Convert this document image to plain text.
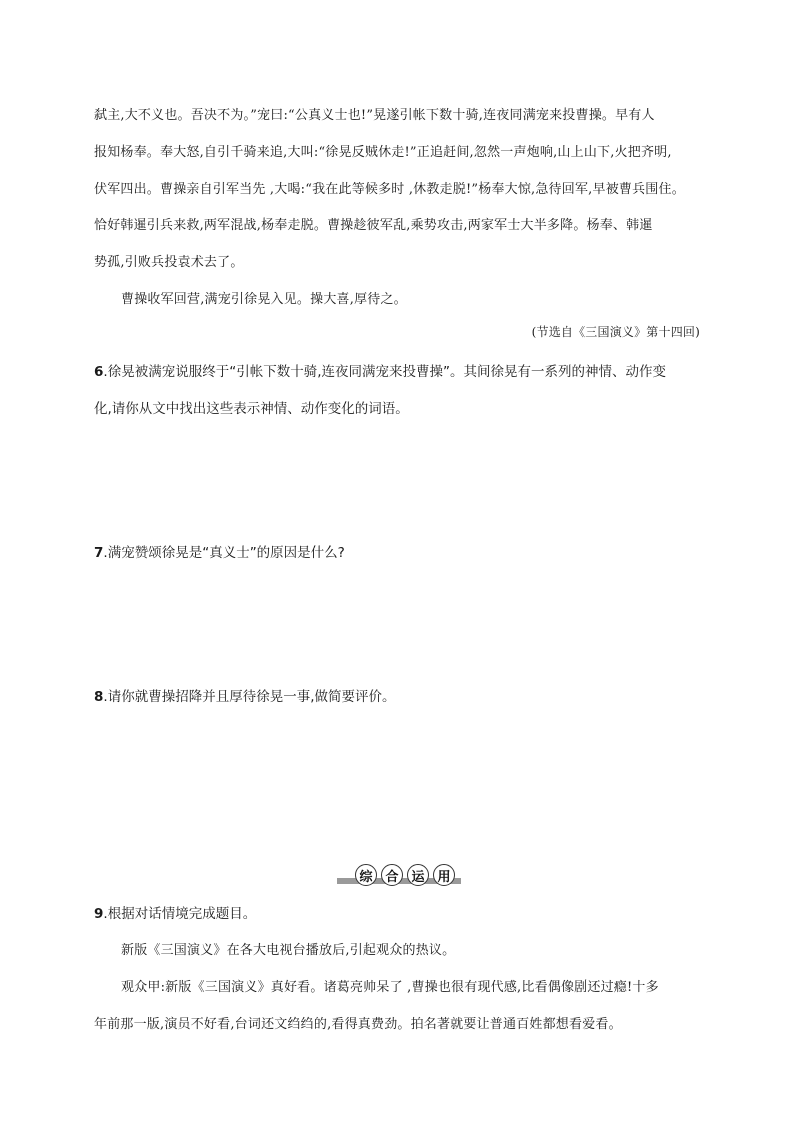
弑主,大不义也。吾决不为。”宠曰:“公真义士也!”晃遂引帐下数十骑,连夜同满宠来投曹操。早有人
报知杨奉。奉大怒,自引千骑来追,大叫:“徐晃反贼休走!”正追赶间,忽然一声炮响,山上山下,火把齐明,
伏军四出。曹操亲自引军当先 ,大喝:“我在此等候多时 ,休教走脱!”杨奉大惊,急待回军,早被曹兵围住。
恰好韩暹引兵来救,两军混战,杨奉走脱。曹操趁彼军乱,乘势攻击,两家军士大半多降。杨奉、韩暹
势孤,引败兵投袁术去了。
曹操收军回营,满宠引徐晃入见。操大喜,厚待之。
(节选自《三国演义》第十四回)
6.徐晃被满宠说服终于“引帐下数十骑,连夜同满宠来投曹操”。其间徐晃有一系列的神情、动作变
化,请你从文中找出这些表示神情、动作变化的词语。
7.满宠赞颂徐晃是“真义士”的原因是什么?
8.请你就曹操招降并且厚待徐晃一事,做简要评价。
综 合 运 用
9.根据对话情境完成题目。
新版《三国演义》在各大电视台播放后,引起观众的热议。
观众甲:新版《三国演义》真好看。诸葛亮帅呆了 ,曹操也很有现代感,比看偶像剧还过瘾!十多
年前那一版,演员不好看,台词还文绉绉的,看得真费劲。拍名著就要让普通百姓都想看爱看。
